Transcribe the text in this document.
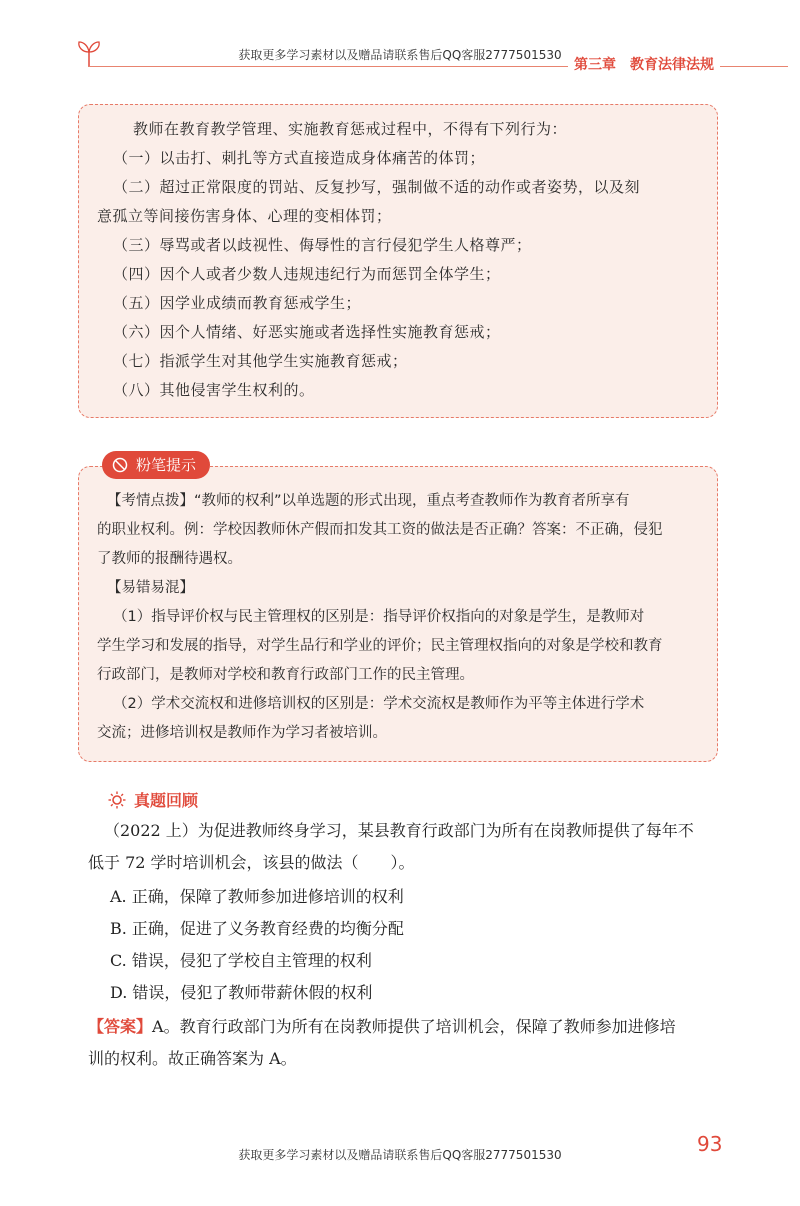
获取更多学习素材以及赠品请联系售后QQ客服2777501530
第三章　教育法律法规

教师在教育教学管理、实施教育惩戒过程中，不得有下列行为：

（一）以击打、刺扎等方式直接造成身体痛苦的体罚；

（二）超过正常限度的罚站、反复抄写，强制做不适的动作或者姿势，以及刻

意孤立等间接伤害身体、心理的变相体罚；

（三）辱骂或者以歧视性、侮辱性的言行侵犯学生人格尊严；

（四）因个人或者少数人违规违纪行为而惩罚全体学生；

（五）因学业成绩而教育惩戒学生；

（六）因个人情绪、好恶实施或者选择性实施教育惩戒；

（七）指派学生对其他学生实施教育惩戒；

（八）其他侵害学生权利的。

【考情点拨】“教师的权利”以单选题的形式出现，重点考查教师作为教育者所享有

的职业权利。例：学校因教师休产假而扣发其工资的做法是否正确？答案：不正确，侵犯

了教师的报酬待遇权。

【易错易混】

（1）指导评价权与民主管理权的区别是：指导评价权指向的对象是学生，是教师对

学生学习和发展的指导，对学生品行和学业的评价；民主管理权指向的对象是学校和教育

行政部门，是教师对学校和教育行政部门工作的民主管理。

（2）学术交流权和进修培训权的区别是：学术交流权是教师作为平等主体进行学术

交流；进修培训权是教师作为学习者被培训。

粉笔提示
真题回顾

（2022 上）为促进教师终身学习，某县教育行政部门为所有在岗教师提供了每年不

低于 72 学时培训机会，该县的做法（　　）。

A. 正确，保障了教师参加进修培训的权利

B. 正确，促进了义务教育经费的均衡分配

C. 错误，侵犯了学校自主管理的权利

D. 错误，侵犯了教师带薪休假的权利

【答案】A。教育行政部门为所有在岗教师提供了培训机会，保障了教师参加进修培

训的权利。故正确答案为 A。

93
获取更多学习素材以及赠品请联系售后QQ客服2777501530
